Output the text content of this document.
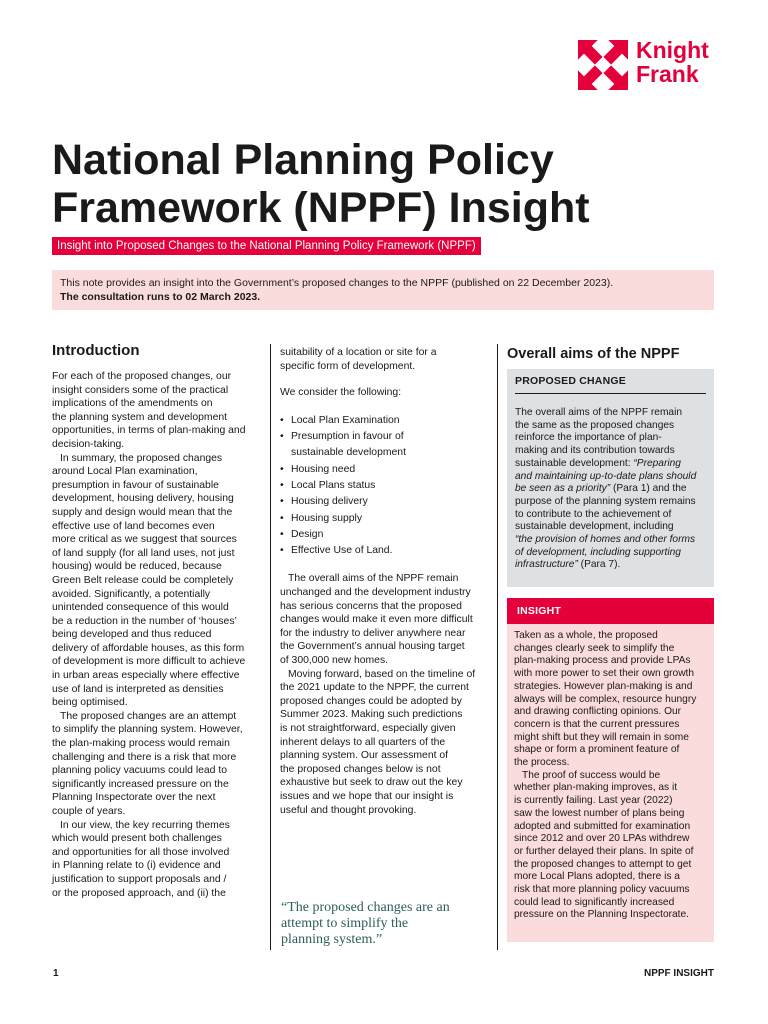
Knight
Frank
National Planning Policy
Framework (NPPF) Insight
Insight into Proposed Changes to the National Planning Policy Framework (NPPF)

This note provides an insight into the Government’s proposed changes to the NPPF (published on 22 December 2023).

The consultation runs to 02 March 2023.

Introduction
For each of the proposed changes, our
insight considers some of the practical
implications of the amendments on
the planning system and development
opportunities, in terms of plan-making and
decision-taking.
In summary, the proposed changes
around Local Plan examination,
presumption in favour of sustainable
development, housing delivery, housing
supply and design would mean that the
effective use of land becomes even
more critical as we suggest that sources
of land supply (for all land uses, not just
housing) would be reduced, because
Green Belt release could be completely
avoided. Significantly, a potentially
unintended consequence of this would
be a reduction in the number of ‘houses’
being developed and thus reduced
delivery of affordable houses, as this form
of development is more difficult to achieve
in urban areas especially where effective
use of land is interpreted as densities
being optimised.
The proposed changes are an attempt
to simplify the planning system. However,
the plan-making process would remain
challenging and there is a risk that more
planning policy vacuums could lead to
significantly increased pressure on the
Planning Inspectorate over the next
couple of years.
In our view, the key recurring themes
which would present both challenges
and opportunities for all those involved
in Planning relate to (i) evidence and
justification to support proposals and /
or the proposed approach, and (ii) the
suitability of a location or site for a
specific form of development.
We consider the following:
• Local Plan Examination
• Presumption in favour of
sustainable development
• Housing need
• Local Plans status
• Housing delivery
• Housing supply
• Design
• Effective Use of Land.
The overall aims of the NPPF remain
unchanged and the development industry
has serious concerns that the proposed
changes would make it even more difficult
for the industry to deliver anywhere near
the Government’s annual housing target
of 300,000 new homes.
Moving forward, based on the timeline of
the 2021 update to the NPPF, the current
proposed changes could be adopted by
Summer 2023. Making such predictions
is not straightforward, especially given
inherent delays to all quarters of the
planning system. Our assessment of
the proposed changes below is not
exhaustive but seek to draw out the key
issues and we hope that our insight is
useful and thought provoking.
“The proposed changes are an
attempt to simplify the
planning system.”
Overall aims of the NPPF
PROPOSED CHANGE
The overall aims of the NPPF remain
the same as the proposed changes
reinforce the importance of plan-
making and its contribution towards
sustainable development: “Preparing
and maintaining up-to-date plans should
be seen as a priority” (Para 1) and the
purpose of the planning system remains
to contribute to the achievement of
sustainable development, including
“the provision of homes and other forms
of development, including supporting
infrastructure” (Para 7).
INSIGHT
Taken as a whole, the proposed
changes clearly seek to simplify the
plan-making process and provide LPAs
with more power to set their own growth
strategies. However plan-making is and
always will be complex, resource hungry
and drawing conflicting opinions. Our
concern is that the current pressures
might shift but they will remain in some
shape or form a prominent feature of
the process.
The proof of success would be
whether plan-making improves, as it
is currently failing. Last year (2022)
saw the lowest number of plans being
adopted and submitted for examination
since 2012 and over 20 LPAs withdrew
or further delayed their plans. In spite of
the proposed changes to attempt to get
more Local Plans adopted, there is a
risk that more planning policy vacuums
could lead to significantly increased
pressure on the Planning Inspectorate.
1	NPPF INSIGHT
